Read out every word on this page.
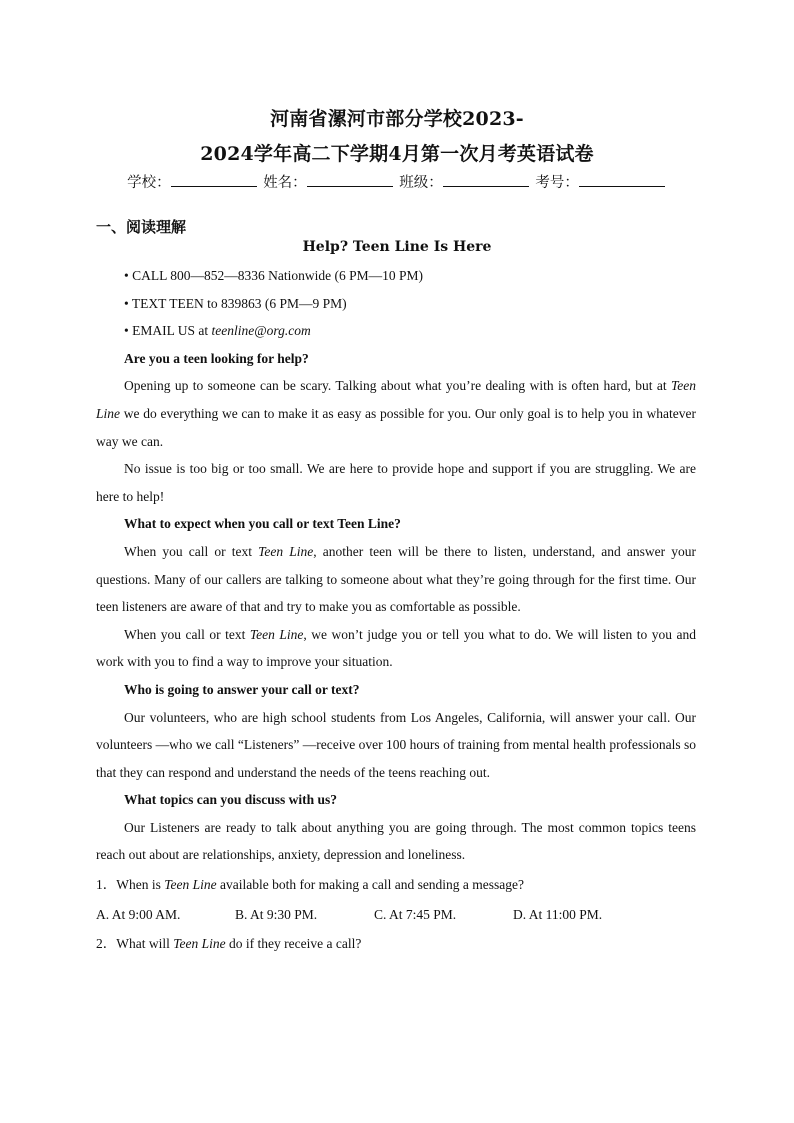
河南省漯河市部分学校2023-
2024学年高二下学期4月第一次月考英语试卷
学校：	姓名：	班级：	考号：
一、阅读理解
Help? Teen Line Is Here

• CALL 800—852—8336 Nationwide (6 PM—10 PM)

• TEXT TEEN to 839863 (6 PM—9 PM)

• EMAIL US at teenline@org.com

Are you a teen looking for help?

Opening up to someone can be scary. Talking about what you’re dealing with is often hard, but at Teen Line we do everything we can to make it as easy as possible for you. Our only goal is to help you in whatever way we can.

No issue is too big or too small. We are here to provide hope and support if you are struggling. We are here to help!

What to expect when you call or text Teen Line?

When you call or text Teen Line, another teen will be there to listen, understand, and answer your questions. Many of our callers are talking to someone about what they’re going through for the first time. Our teen listeners are aware of that and try to make you as comfortable as possible.

When you call or text Teen Line, we won’t judge you or tell you what to do. We will listen to you and work with you to find a way to improve your situation.

Who is going to answer your call or text?

Our volunteers, who are high school students from Los Angeles, California, will answer your call. Our volunteers —who we call “Listeners” —receive over 100 hours of training from mental health professionals so that they can respond and understand the needs of the teens reaching out.

What topics can you discuss with us?

Our Listeners are ready to talk about anything you are going through. The most common topics teens reach out about are relationships, anxiety, depression and loneliness.

1．When is Teen Line available both for making a call and sending a message?

A. At 9:00 AM.	B. At 9:30 PM.	C. At 7:45 PM.	D. At 11:00 PM.

2．What will Teen Line do if they receive a call?
